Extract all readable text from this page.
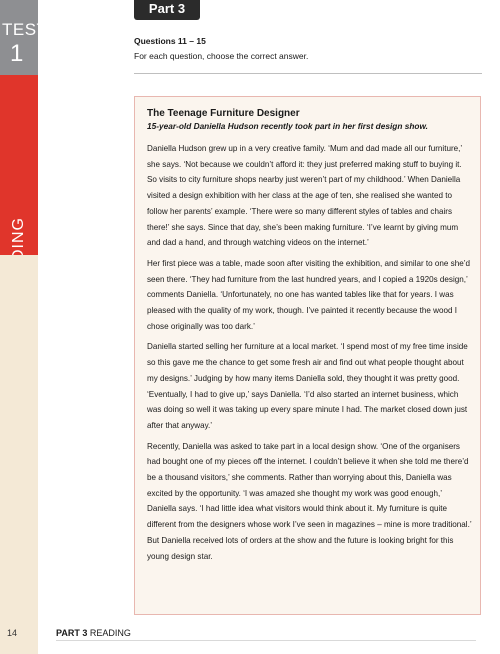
TEST
1
Part 3
Questions 11 – 15
For each question, choose the correct answer.
The Teenage Furniture Designer
15-year-old Daniella Hudson recently took part in her first design show.

Daniella Hudson grew up in a very creative family. ‘Mum and dad made all our furniture,’ she says. ‘Not because we couldn’t afford it: they just preferred making stuff to buying it. So visits to city furniture shops nearby just weren’t part of my childhood.’ When Daniella visited a design exhibition with her class at the age of ten, she realised she wanted to follow her parents’ example. ‘There were so many different styles of tables and chairs there!’ she says. Since that day, she’s been making furniture. ‘I’ve learnt by giving mum and dad a hand, and through watching videos on the internet.’

Her first piece was a table, made soon after visiting the exhibition, and similar to one she’d seen there. ‘They had furniture from the last hundred years, and I copied a 1920s design,’ comments Daniella. ‘Unfortunately, no one has wanted tables like that for years. I was pleased with the quality of my work, though. I’ve painted it recently because the wood I chose originally was too dark.’

Daniella started selling her furniture at a local market. ‘I spend most of my free time inside so this gave me the chance to get some fresh air and find out what people thought about my designs.’ Judging by how many items Daniella sold, they thought it was pretty good. ‘Eventually, I had to give up,’ says Daniella. ‘I’d also started an internet business, which was doing so well it was taking up every spare minute I had. The market closed down just after that anyway.’

Recently, Daniella was asked to take part in a local design show. ‘One of the organisers had bought one of my pieces off the internet. I couldn’t believe it when she told me there’d be a thousand visitors,’ she comments. Rather than worrying about this, Daniella was excited by the opportunity. ‘I was amazed she thought my work was good enough,’ Daniella says. ‘I had little idea what visitors would think about it. My furniture is quite different from the designers whose work I’ve seen in magazines – mine is more traditional.’ But Daniella received lots of orders at the show and the future is looking bright for this young design star.

14	PART 3 READING
